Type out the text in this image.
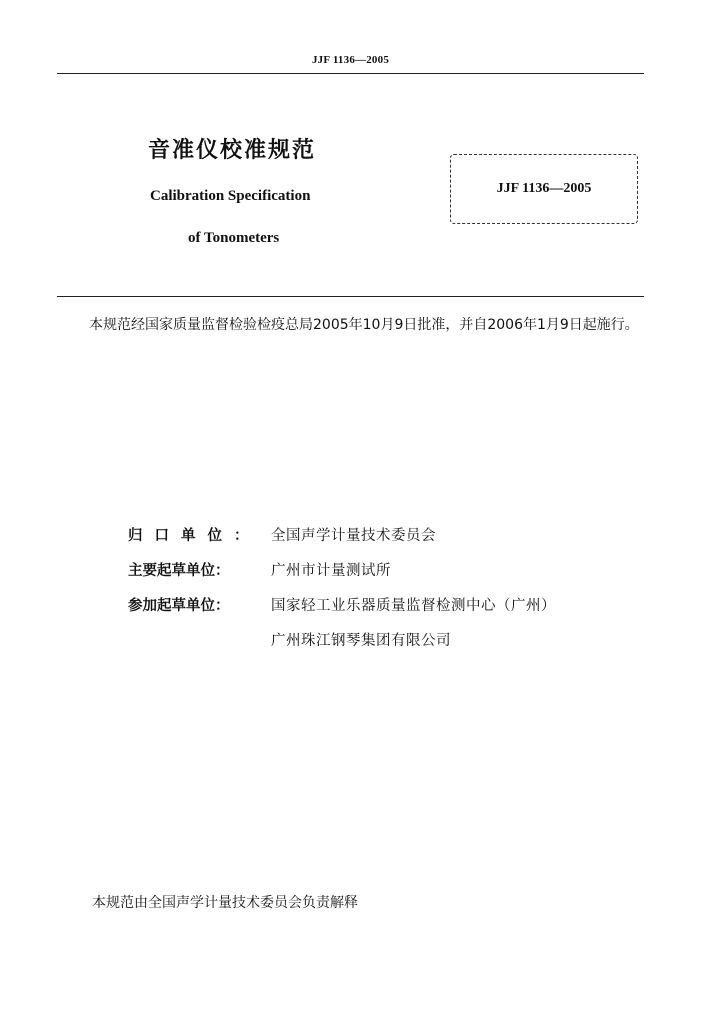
JJF 1136—2005
音准仪校准规范
Calibration Specification
of Tonometers
JJF 1136—2005
本规范经国家质量监督检验检疫总局2005年10月9日批准，并自2006年1月9日起施行。
归口单位： 全国声学计量技术委员会
主要起草单位：	广州市计量测试所
参加起草单位：	国家轻工业乐器质量监督检测中心（广州）
广州珠江钢琴集团有限公司
本规范由全国声学计量技术委员会负责解释
